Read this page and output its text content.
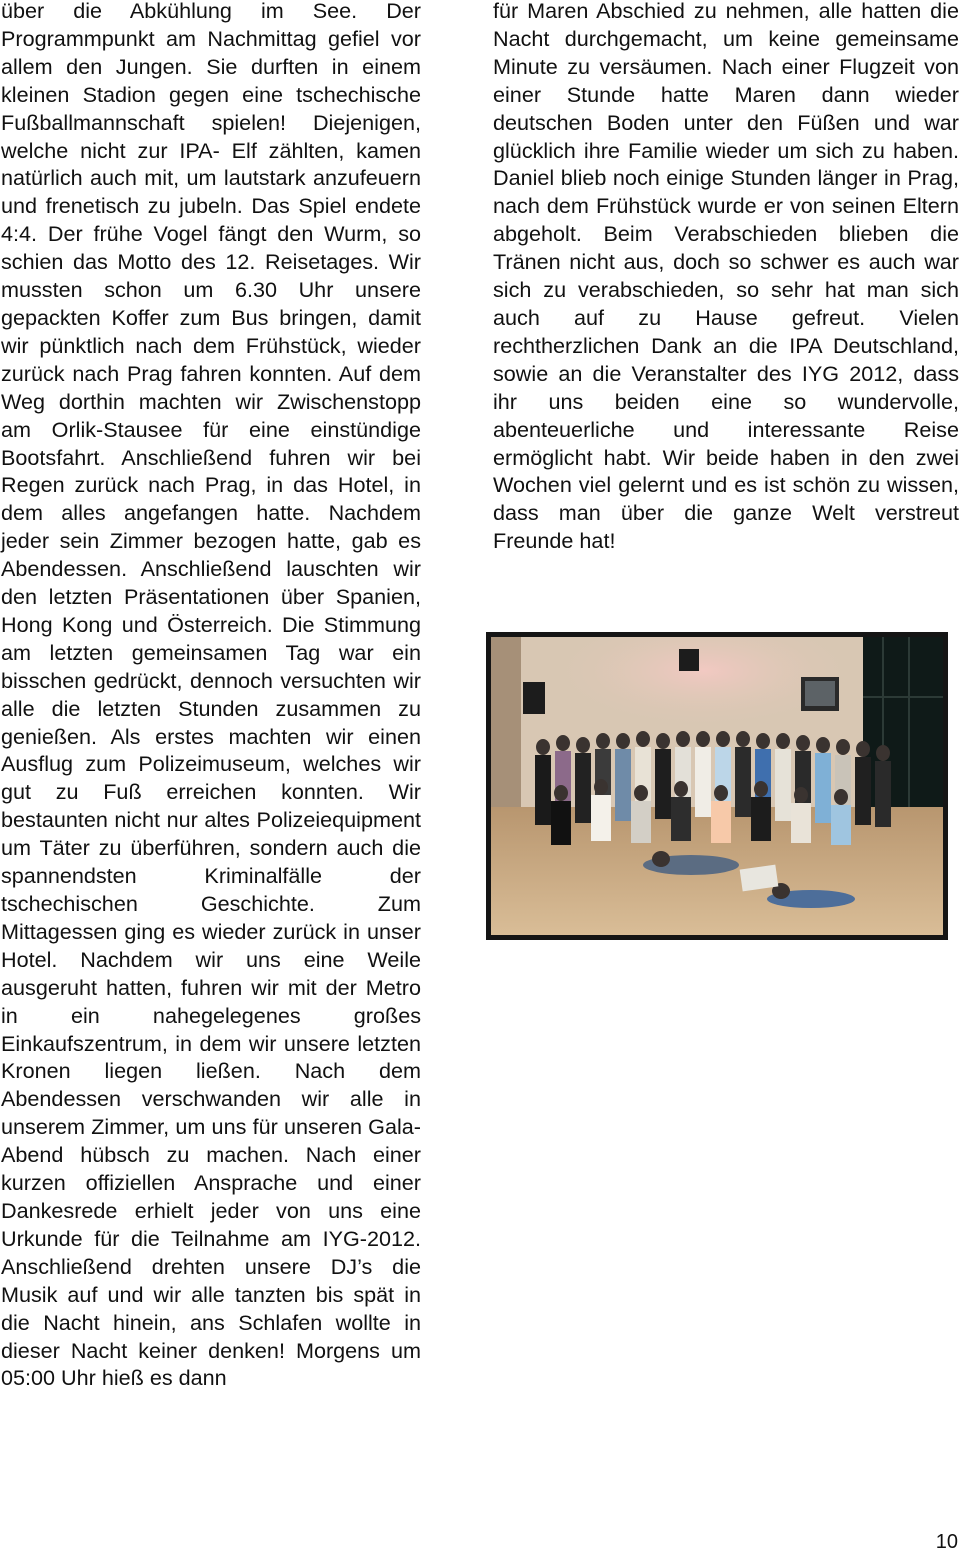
über die Abkühlung im See. Der Programmpunkt am Nachmittag gefiel vor allem den Jungen. Sie durften in einem kleinen Stadion gegen eine tschechische Fußballmannschaft spielen! Diejenigen, welche nicht zur IPA- Elf zählten, kamen natürlich auch mit, um lautstark anzufeuern und frenetisch zu jubeln. Das Spiel endete 4:4. Der frühe Vogel fängt den Wurm, so schien das Motto des 12. Reisetages. Wir mussten schon um 6.30 Uhr unsere gepackten Koffer zum Bus bringen, damit wir pünktlich nach dem Frühstück, wieder zurück nach Prag fahren konnten. Auf dem Weg dorthin machten wir Zwischenstopp am Orlik-Stausee für eine einstündige Bootsfahrt. Anschließend fuhren wir bei Regen zurück nach Prag, in das Hotel, in dem alles angefangen hatte. Nachdem jeder sein Zimmer bezogen hatte, gab es Abendessen. Anschließend lauschten wir den letzten Präsentationen über Spanien, Hong Kong und Österreich. Die Stimmung am letzten gemeinsamen Tag war ein bisschen gedrückt, dennoch versuchten wir alle die letzten Stunden zusammen zu genießen. Als erstes machten wir einen Ausflug zum Polizeimuseum, welches wir gut zu Fuß erreichen konnten. Wir bestaunten nicht nur altes Polizeiequipment um Täter zu überführen, sondern auch die spannendsten Kriminalfälle der tschechischen Geschichte. Zum Mittagessen ging es wieder zurück in unser Hotel. Nachdem wir uns eine Weile ausgeruht hatten, fuhren wir mit der Metro in ein nahegelegenes großes Einkaufszentrum, in dem wir unsere letzten Kronen liegen ließen. Nach dem Abendessen verschwanden wir alle in unserem Zimmer, um uns für unseren Gala-Abend hübsch zu machen. Nach einer kurzen offiziellen Ansprache und einer Dankesrede erhielt jeder von uns eine Urkunde für die Teilnahme am IYG-2012. Anschließend drehten unsere DJ’s die Musik auf und wir alle tanzten bis spät in die Nacht hinein, ans Schlafen wollte in dieser Nacht keiner denken! Morgens um 05:00 Uhr hieß es dann

für Maren Abschied zu nehmen, alle hatten die Nacht durchgemacht, um keine gemeinsame Minute zu versäumen. Nach einer Flugzeit von einer Stunde hatte Maren dann wieder deutschen Boden unter den Füßen und war glücklich ihre Familie wieder um sich zu haben. Daniel blieb noch einige Stunden länger in Prag, nach dem Frühstück wurde er von seinen Eltern abgeholt. Beim Verabschieden blieben die Tränen nicht aus, doch so schwer es auch war sich zu verabschieden, so sehr hat man sich auch auf zu Hause gefreut. Vielen rechtherzlichen Dank an die IPA Deutschland, sowie an die Veranstalter des IYG 2012, dass ihr uns beiden eine so wundervolle, abenteuerliche und interessante Reise ermöglicht habt. Wir beide haben in den zwei Wochen viel gelernt und es ist schön zu wissen, dass man über die ganze Welt verstreut Freunde hat!

10
